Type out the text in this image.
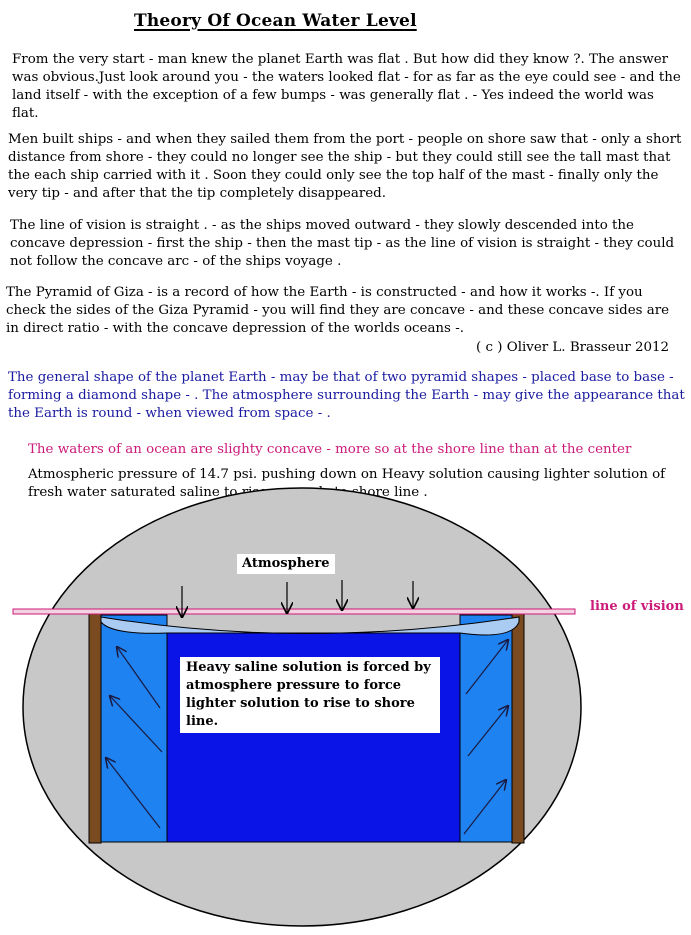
Theory Of Ocean Water Level

From the very start - man knew the planet Earth was flat . But how did they know ?. The answer was obvious.Just look around you - the waters looked flat - for as far as the eye could see - and the land itself - with the exception of a few bumps - was generally flat . - Yes indeed the world was flat.

Men built ships - and when they sailed them from the port - people on shore saw that - only a short distance from shore - they could no longer see the ship - but they could still see the tall mast that the each ship carried with it . Soon they could only see the top half of the mast - finally only the very tip - and after that the tip completely disappeared.

The line of vision is straight . - as the ships moved outward - they slowly descended into the concave depression - first the ship - then the mast tip - as the line of vision is straight - they could not follow the concave arc - of the ships voyage .

The Pyramid of Giza - is a record of how the Earth - is constructed - and how it works -. If you check the sides of the Giza Pyramid - you will find they are concave - and these concave sides are in direct ratio - with the concave depression of the worlds oceans -.

( c ) Oliver L. Brasseur 2012

The general shape of the planet Earth - may be that of two pyramid shapes - placed base to base - forming a diamond shape - . The atmosphere surrounding the Earth - may give the appearance that the Earth is round - when viewed from space - .

The waters of an ocean are slighty concave - more so at the shore line than at the center

Atmospheric pressure of 14.7 psi. pushing down on Heavy solution causing lighter solution of fresh water saturated saline to rise upwards to shore line .

Atmosphere
line of vision
Heavy saline solution is forced by atmosphere pressure to force lighter solution to rise to shore line.
